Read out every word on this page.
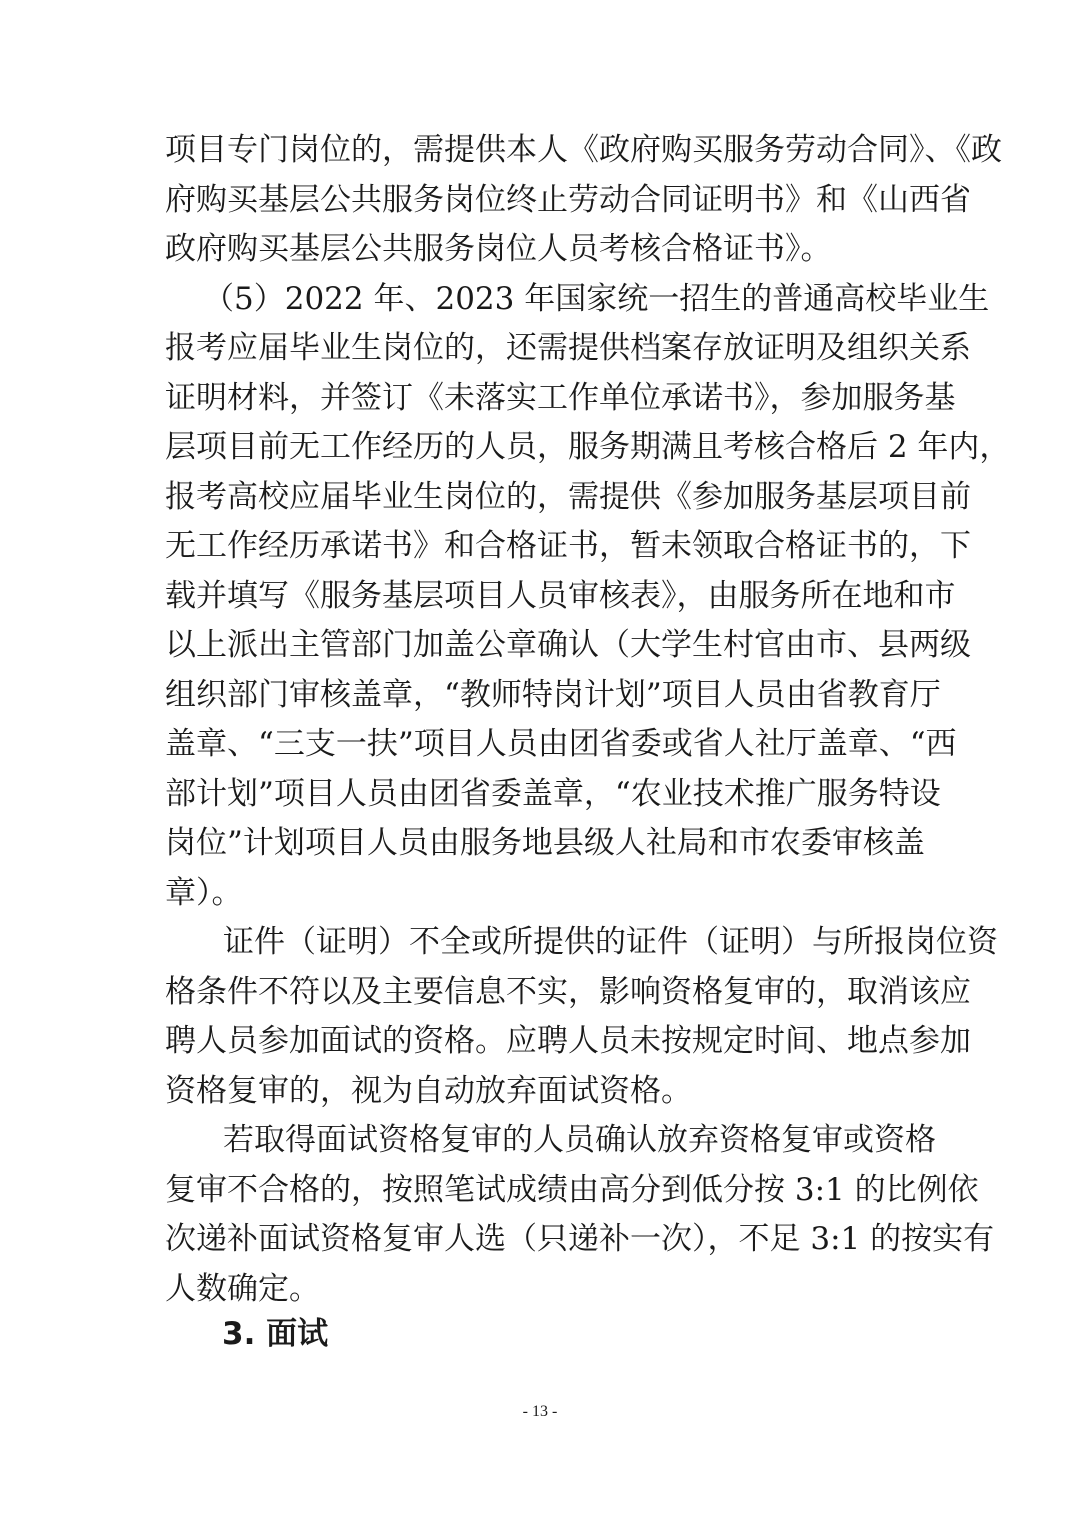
项目专门岗位的，需提供本人《政府购买服务劳动合同》、《政
府购买基层公共服务岗位终止劳动合同证明书》和《山西省
政府购买基层公共服务岗位人员考核合格证书》。
（5）2022 年、2023 年国家统一招生的普通高校毕业生
报考应届毕业生岗位的，还需提供档案存放证明及组织关系
证明材料，并签订《未落实工作单位承诺书》，参加服务基
层项目前无工作经历的人员，服务期满且考核合格后 2 年内，
报考高校应届毕业生岗位的，需提供《参加服务基层项目前
无工作经历承诺书》和合格证书，暂未领取合格证书的，下
载并填写《服务基层项目人员审核表》，由服务所在地和市
以上派出主管部门加盖公章确认（大学生村官由市、县两级
组织部门审核盖章，“教师特岗计划”项目人员由省教育厅
盖章、“三支一扶”项目人员由团省委或省人社厅盖章、“西
部计划”项目人员由团省委盖章，“农业技术推广服务特设
岗位”计划项目人员由服务地县级人社局和市农委审核盖
章）。
证件（证明）不全或所提供的证件（证明）与所报岗位资
格条件不符以及主要信息不实，影响资格复审的，取消该应
聘人员参加面试的资格。应聘人员未按规定时间、地点参加
资格复审的，视为自动放弃面试资格。
若取得面试资格复审的人员确认放弃资格复审或资格
复审不合格的，按照笔试成绩由高分到低分按 3:1 的比例依
次递补面试资格复审人选（只递补一次），不足 3:1 的按实有
人数确定。
3. 面试
- 13 -
